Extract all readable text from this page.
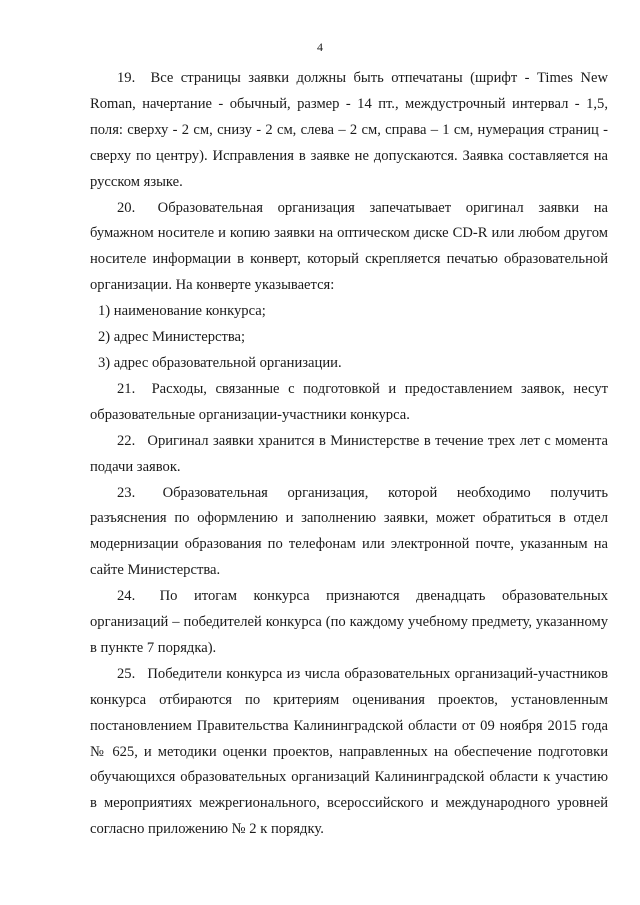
4

19. Все страницы заявки должны быть отпечатаны (шрифт - Times New Roman, начертание - обычный, размер - 14 пт., междустрочный интервал - 1,5, поля: сверху - 2 см, снизу - 2 см, слева – 2 см, справа – 1 см, нумерация страниц - сверху по центру). Исправления в заявке не допускаются. Заявка составляется на русском языке.

20. Образовательная организация запечатывает оригинал заявки на бумажном носителе и копию заявки на оптическом диске CD-R или любом другом носителе информации в конверт, который скрепляется печатью образовательной организации. На конверте указывается:

1) наименование конкурса;

2) адрес Министерства;

3) адрес образовательной организации.

21. Расходы, связанные с подготовкой и предоставлением заявок, несут образовательные организации-участники конкурса.

22. Оригинал заявки хранится в Министерстве в течение трех лет с момента подачи заявок.

23. Образовательная организация, которой необходимо получить разъяснения по оформлению и заполнению заявки, может обратиться в отдел модернизации образования по телефонам или электронной почте, указанным на сайте Министерства.

24. По итогам конкурса признаются двенадцать образовательных организаций – победителей конкурса (по каждому учебному предмету, указанному в пункте 7 порядка).

25. Победители конкурса из числа образовательных организаций-участников конкурса отбираются по критериям оценивания проектов, установленным постановлением Правительства Калининградской области от 09 ноября 2015 года № 625, и методики оценки проектов, направленных на обеспечение подготовки обучающихся образовательных организаций Калининградской области к участию в мероприятиях межрегионального, всероссийского и международного уровней согласно приложению № 2 к порядку.
